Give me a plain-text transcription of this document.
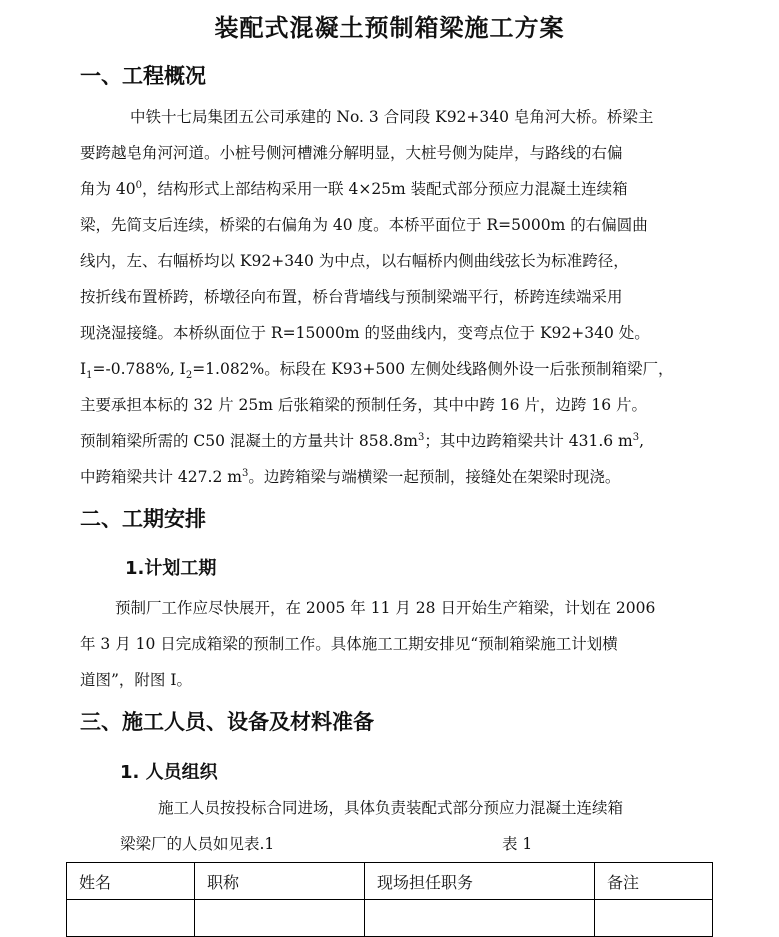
装配式混凝土预制箱梁施工方案
一、工程概况
中铁十七局集团五公司承建的 No. 3 合同段 K92+340 皂角河大桥。桥梁主
要跨越皂角河河道。小桩号侧河槽滩分解明显，大桩号侧为陡岸，与路线的右偏
角为 $40^0$，结构形式上部结构采用一联 4×25m 装配式部分预应力混凝土连续箱
梁，先简支后连续，桥梁的右偏角为 40 度。本桥平面位于 R=5000m 的右偏圆曲
线内，左、右幅桥均以 K92+340 为中点，以右幅桥内侧曲线弦长为标准跨径，
按折线布置桥跨，桥墩径向布置，桥台背墙线与预制梁端平行，桥跨连续端采用
现浇湿接缝。本桥纵面位于 R=15000m 的竖曲线内，变弯点位于 K92+340 处。
$I_1=-0.788\%$, $I_2=1.082\%$。标段在 K93+500 左侧处线路侧外设一后张预制箱梁厂，
主要承担本标的 32 片 25m 后张箱梁的预制任务，其中中跨 16 片，边跨 16 片。
预制箱梁所需的 C50 混凝土的方量共计 $858.8m^3$；其中边跨箱梁共计 431.6 $m^3$,
中跨箱梁共计 427.2 $m^3$。边跨箱梁与端横梁一起预制，接缝处在架梁时现浇。
二、工期安排
1.计划工期
预制厂工作应尽快展开，在 2005 年 11 月 28 日开始生产箱梁，计划在 2006
年 3 月 10 日完成箱梁的预制工作。具体施工工期安排见“预制箱梁施工计划横
道图”，附图 I。
三、施工人员、设备及材料准备
1. 人员组织
施工人员按投标合同进场，具体负责装配式部分预应力混凝土连续箱
梁梁厂的人员如见表.1	表 1
姓名	职称	现场担任职务	备注
